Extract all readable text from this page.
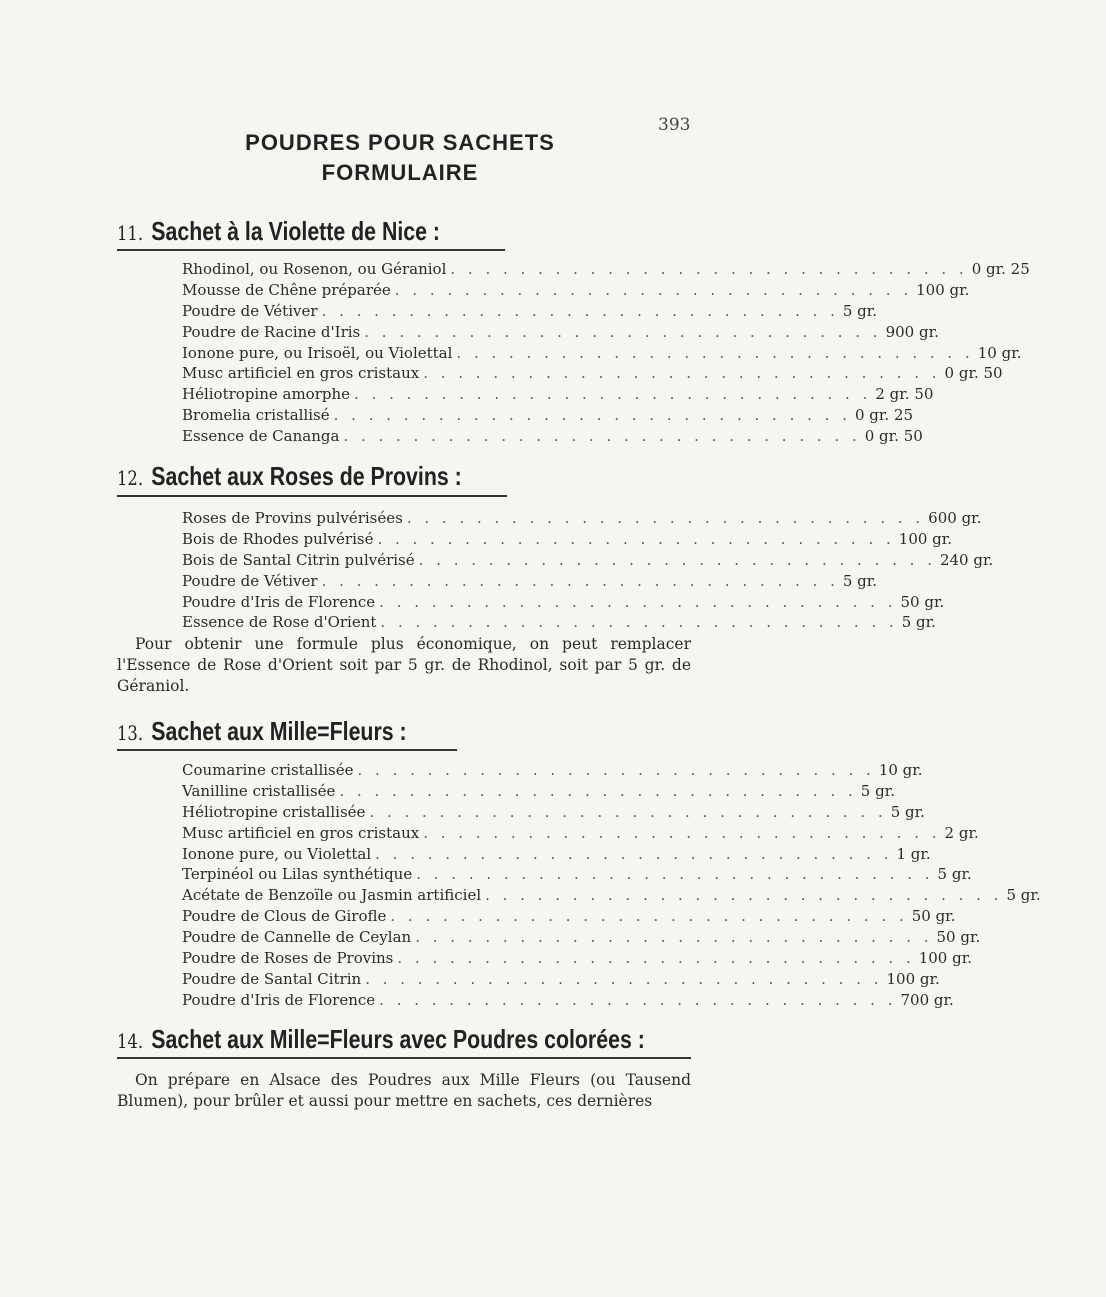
393
POUDRES POUR SACHETS
FORMULAIRE
11. Sachet à la Violette de Nice :
Rhodinol, ou Rosenon, ou Géraniol . . . . . . . . . . . . . . . . . . . . . . . . . . . . . . 0 gr. 25
Mousse de Chêne préparée . . . . . . . . . . . . . . . . . . . . . . . . . . . . . . 100 gr.
Poudre de Vétiver . . . . . . . . . . . . . . . . . . . . . . . . . . . . . . 5 gr.
Poudre de Racine d'Iris . . . . . . . . . . . . . . . . . . . . . . . . . . . . . . 900 gr.
Ionone pure, ou Irisoël, ou Violettal . . . . . . . . . . . . . . . . . . . . . . . . . . . . . . 10 gr.
Musc artificiel en gros cristaux . . . . . . . . . . . . . . . . . . . . . . . . . . . . . . 0 gr. 50
Héliotropine amorphe . . . . . . . . . . . . . . . . . . . . . . . . . . . . . . 2 gr. 50
Bromelia cristallisé . . . . . . . . . . . . . . . . . . . . . . . . . . . . . . 0 gr. 25
Essence de Cananga . . . . . . . . . . . . . . . . . . . . . . . . . . . . . . 0 gr. 50
12. Sachet aux Roses de Provins :
Roses de Provins pulvérisées . . . . . . . . . . . . . . . . . . . . . . . . . . . . . . 600 gr.
Bois de Rhodes pulvérisé . . . . . . . . . . . . . . . . . . . . . . . . . . . . . . 100 gr.
Bois de Santal Citrin pulvérisé . . . . . . . . . . . . . . . . . . . . . . . . . . . . . . 240 gr.
Poudre de Vétiver . . . . . . . . . . . . . . . . . . . . . . . . . . . . . . 5 gr.
Poudre d'Iris de Florence . . . . . . . . . . . . . . . . . . . . . . . . . . . . . . 50 gr.
Essence de Rose d'Orient . . . . . . . . . . . . . . . . . . . . . . . . . . . . . . 5 gr.
Pour obtenir une formule plus économique, on peut remplacer l'Essence de Rose d'Orient soit par 5 gr. de Rhodinol, soit par 5 gr. de Géraniol.
13. Sachet aux Mille=Fleurs :
Coumarine cristallisée . . . . . . . . . . . . . . . . . . . . . . . . . . . . . . 10 gr.
Vanilline cristallisée . . . . . . . . . . . . . . . . . . . . . . . . . . . . . . 5 gr.
Héliotropine cristallisée . . . . . . . . . . . . . . . . . . . . . . . . . . . . . . 5 gr.
Musc artificiel en gros cristaux . . . . . . . . . . . . . . . . . . . . . . . . . . . . . . 2 gr.
Ionone pure, ou Violettal . . . . . . . . . . . . . . . . . . . . . . . . . . . . . . 1 gr.
Terpinéol ou Lilas synthétique . . . . . . . . . . . . . . . . . . . . . . . . . . . . . . 5 gr.
Acétate de Benzoïle ou Jasmin artificiel . . . . . . . . . . . . . . . . . . . . . . . . . . . . . . 5 gr.
Poudre de Clous de Girofle . . . . . . . . . . . . . . . . . . . . . . . . . . . . . . 50 gr.
Poudre de Cannelle de Ceylan . . . . . . . . . . . . . . . . . . . . . . . . . . . . . . 50 gr.
Poudre de Roses de Provins . . . . . . . . . . . . . . . . . . . . . . . . . . . . . . 100 gr.
Poudre de Santal Citrin . . . . . . . . . . . . . . . . . . . . . . . . . . . . . . 100 gr.
Poudre d'Iris de Florence . . . . . . . . . . . . . . . . . . . . . . . . . . . . . . 700 gr.
14. Sachet aux Mille=Fleurs avec Poudres colorées :
On prépare en Alsace des Poudres aux Mille Fleurs (ou Tausend Blumen), pour brûler et aussi pour mettre en sachets, ces dernières
